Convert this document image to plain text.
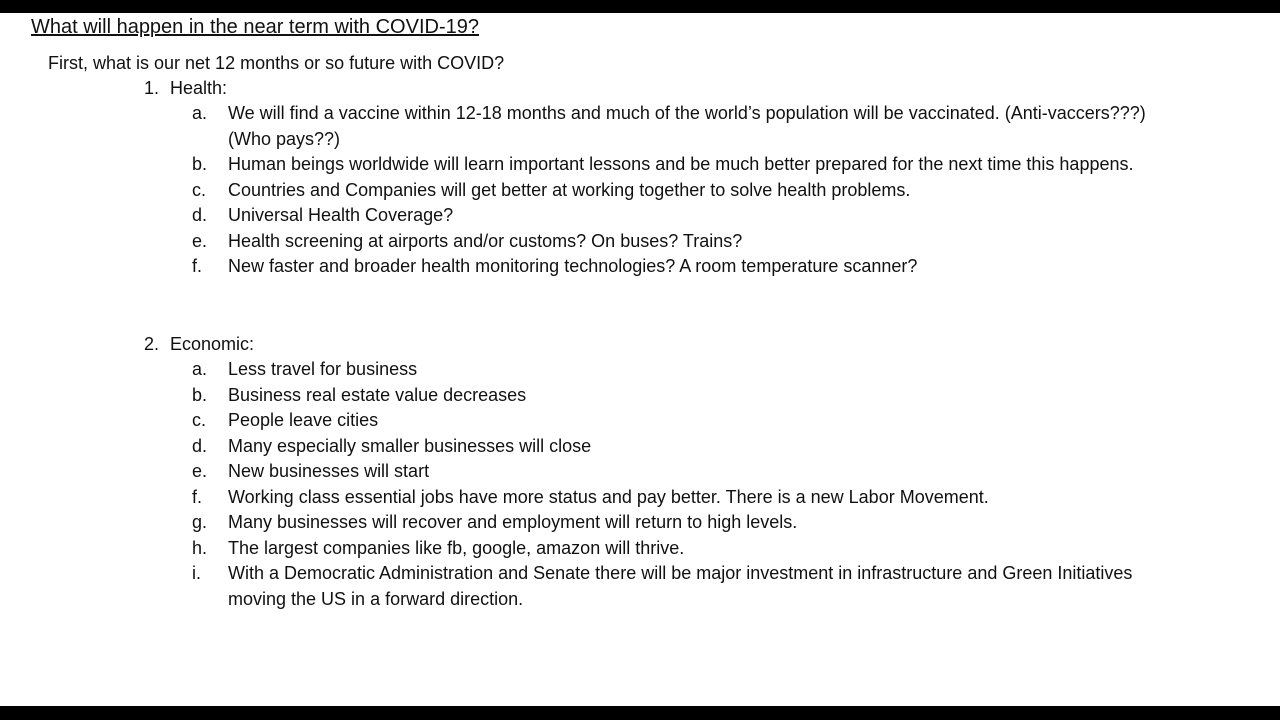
What will happen in the near term with COVID-19?
First, what is our net 12 months or so future with COVID?
1. Health:
a.	We will find a vaccine within 12-18 months and much of the world’s population will be vaccinated. (Anti-vaccers???) (Who pays??)
b.	Human beings worldwide will learn important lessons and be much better prepared for the next time this happens.
c.	Countries and Companies will get better at working together to solve health problems.
d.	Universal Health Coverage?
e.	Health screening at airports and/or customs? On buses? Trains?
f.	New faster and broader health monitoring technologies? A room temperature scanner?
2. Economic:
a.	Less travel for business
b.	Business real estate value decreases
c.	People leave cities
d.	Many especially smaller businesses will close
e.	New businesses will start
f.	Working class essential jobs have more status and pay better. There is a new Labor Movement.
g.	Many businesses will recover and employment will return to high levels.
h.	The largest companies like fb, google, amazon will thrive.
i.	With a Democratic Administration and Senate there will be major investment in infrastructure and Green Initiatives moving the US in a forward direction.
